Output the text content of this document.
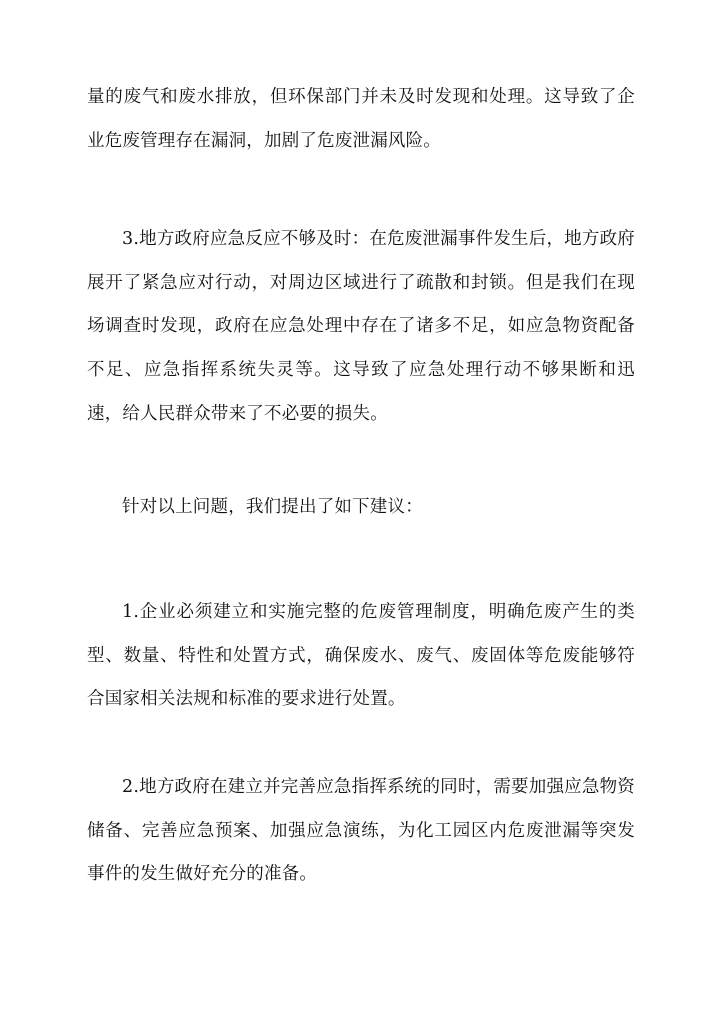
量的废气和废水排放，但环保部门并未及时发现和处理。这导致了企业危废管理存在漏洞，加剧了危废泄漏风险。

3.地方政府应急反应不够及时：在危废泄漏事件发生后，地方政府展开了紧急应对行动，对周边区域进行了疏散和封锁。但是我们在现场调查时发现，政府在应急处理中存在了诸多不足，如应急物资配备不足、应急指挥系统失灵等。这导致了应急处理行动不够果断和迅速，给人民群众带来了不必要的损失。

针对以上问题，我们提出了如下建议：

1.企业必须建立和实施完整的危废管理制度，明确危废产生的类型、数量、特性和处置方式，确保废水、废气、废固体等危废能够符合国家相关法规和标准的要求进行处置。

2.地方政府在建立并完善应急指挥系统的同时，需要加强应急物资储备、完善应急预案、加强应急演练，为化工园区内危废泄漏等突发事件的发生做好充分的准备。
